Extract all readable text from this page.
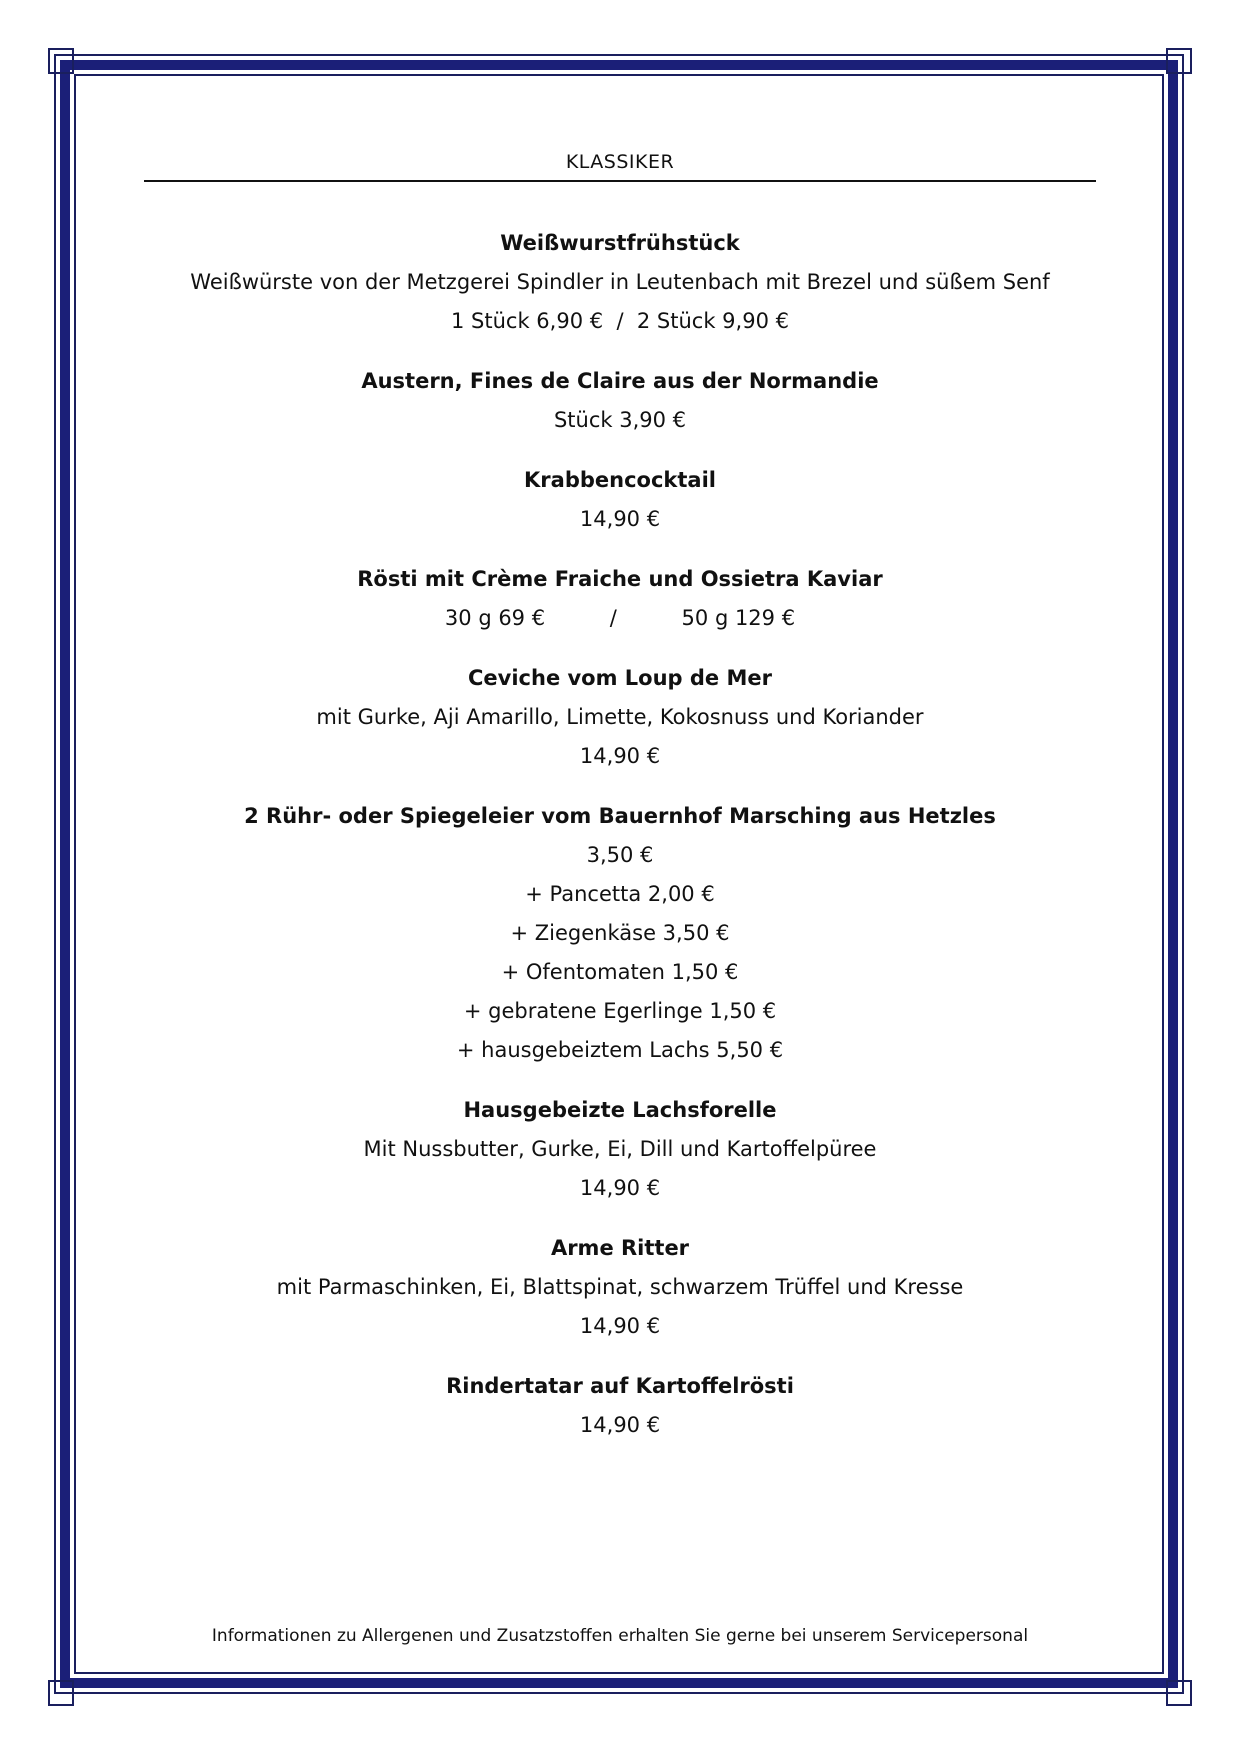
KLASSIKER
Weißwurstfrühstück
Weißwürste von der Metzgerei Spindler in Leutenbach mit Brezel und süßem Senf
1 Stück 6,90 €  /  2 Stück 9,90 €
Austern, Fines de Claire aus der Normandie
Stück 3,90 €
Krabbencocktail
14,90 €
Rösti mit Crème Fraiche und Ossietra Kaviar
30 g 69 €	/	50 g 129 €
Ceviche vom Loup de Mer
mit Gurke, Aji Amarillo, Limette, Kokosnuss und Koriander
14,90 €
2 Rühr- oder Spiegeleier vom Bauernhof Marsching aus Hetzles
3,50 €
+ Pancetta 2,00 €
+ Ziegenkäse 3,50 €
+ Ofentomaten 1,50 €
+ gebratene Egerlinge 1,50 €
+ hausgebeiztem Lachs 5,50 €
Hausgebeizte Lachsforelle
Mit Nussbutter, Gurke, Ei, Dill und Kartoffelpüree
14,90 €
Arme Ritter
mit Parmaschinken, Ei, Blattspinat, schwarzem Trüffel und Kresse
14,90 €
Rindertatar auf Kartoffelrösti
14,90 €
Informationen zu Allergenen und Zusatzstoffen erhalten Sie gerne bei unserem Servicepersonal
